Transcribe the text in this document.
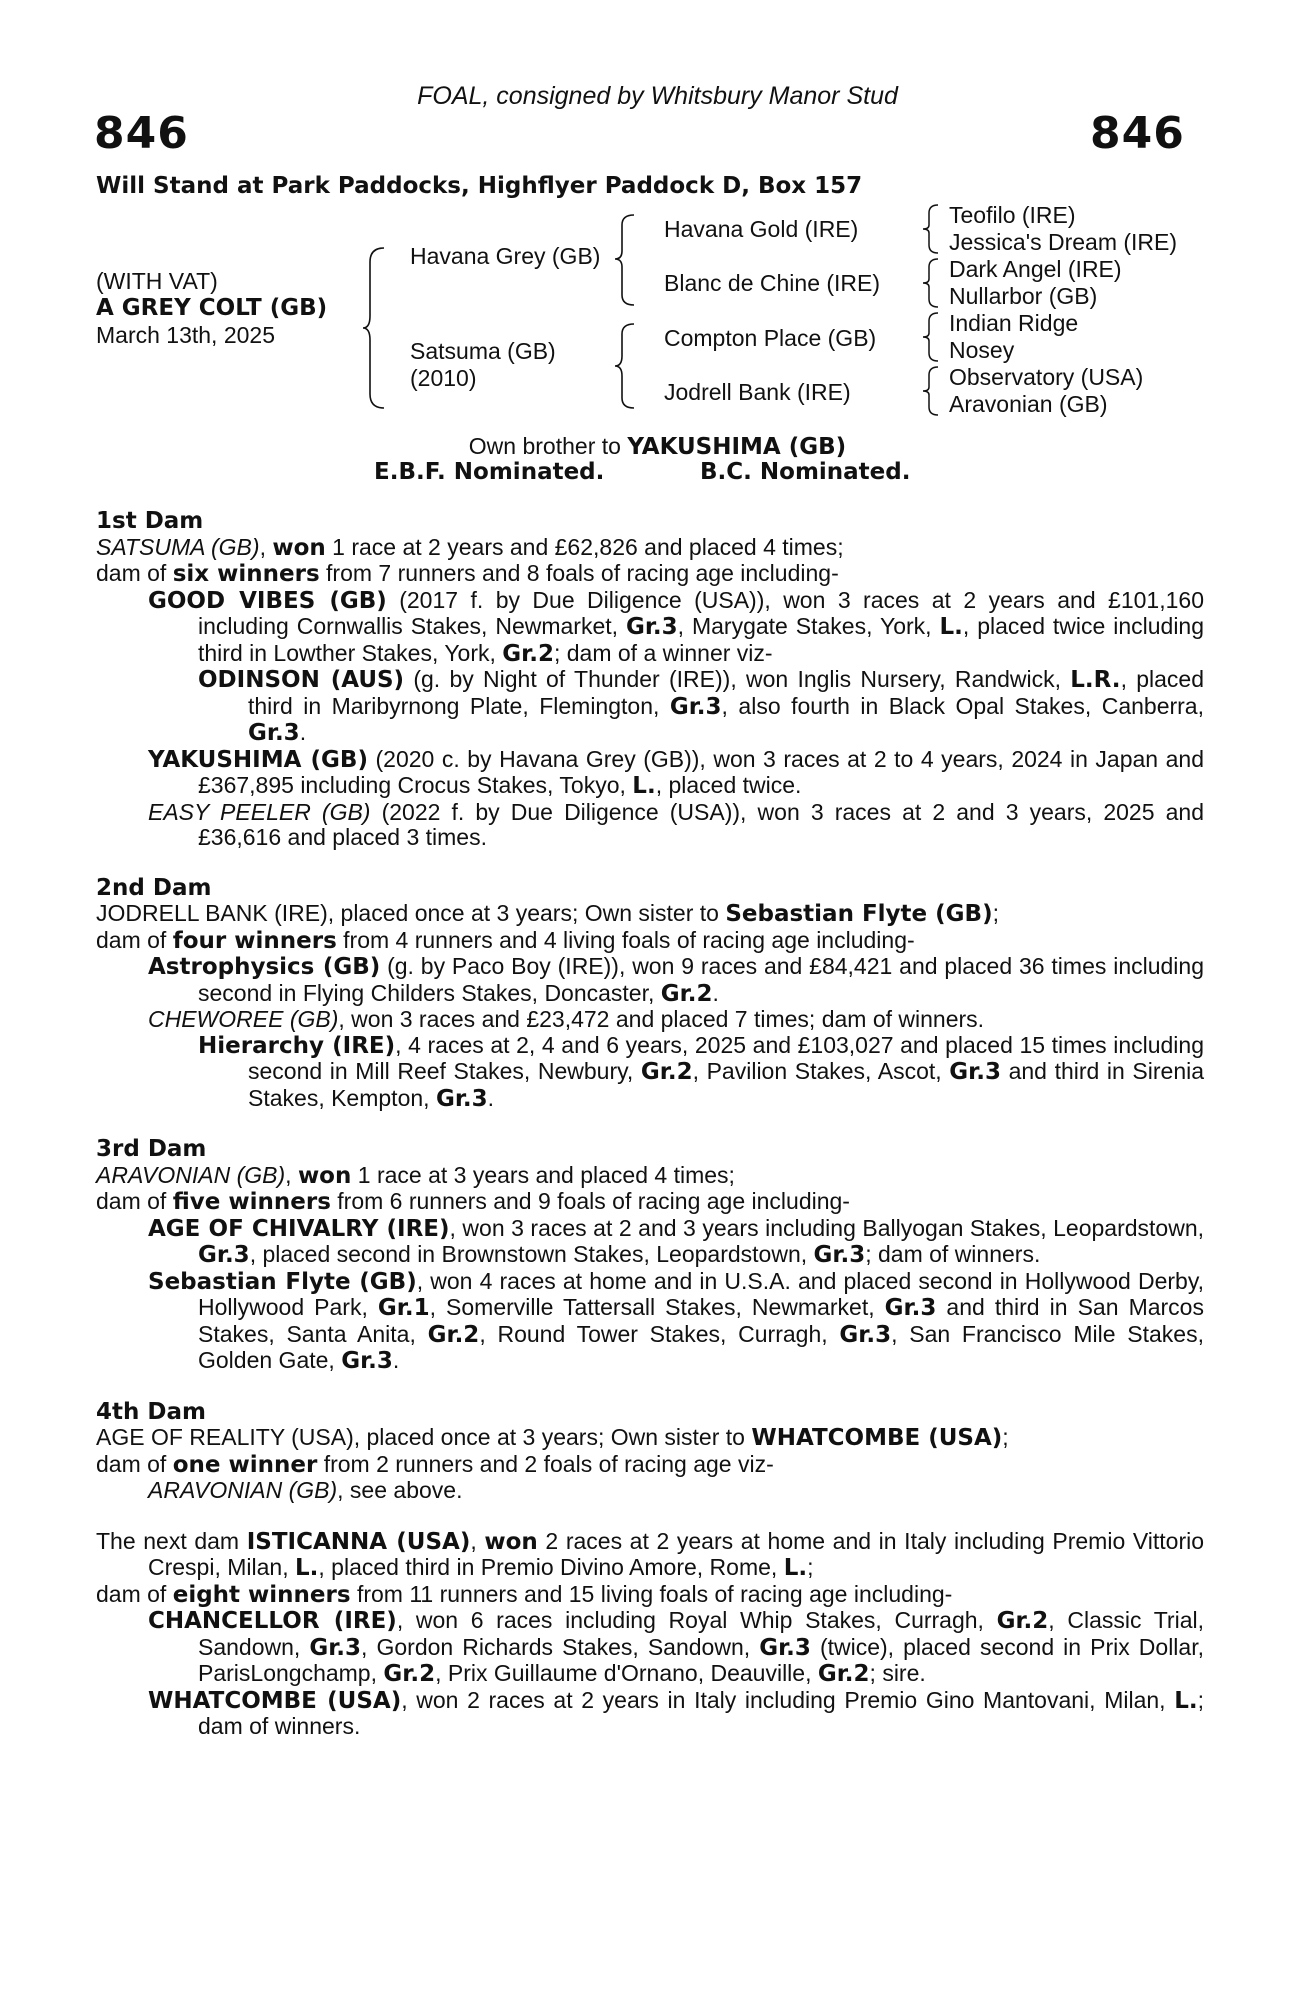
FOAL, consigned by Whitsbury Manor Stud
846	846
Will Stand at Park Paddocks, Highflyer Paddock D, Box 157
(WITH VAT)
A GREY COLT (GB)
March 13th, 2025
Havana Grey (GB)
Satsuma (GB)
(2010)
Havana Gold (IRE)
Blanc de Chine (IRE)
Compton Place (GB)
Jodrell Bank (IRE)
Teofilo (IRE)
Jessica's Dream (IRE)
Dark Angel (IRE)
Nullarbor (GB)
Indian Ridge
Nosey
Observatory (USA)
Aravonian (GB)
Own brother to YAKUSHIMA (GB)
E.B.F. Nominated.	B.C. Nominated.

1st Dam

SATSUMA (GB), won 1 race at 2 years and £62,826 and placed 4 times;

dam of six winners from 7 runners and 8 foals of racing age including-

GOOD VIBES (GB) (2017 f. by Due Diligence (USA)), won 3 races at 2 years and £101,160 including Cornwallis Stakes, Newmarket, Gr.3, Marygate Stakes, York, L., placed twice including third in Lowther Stakes, York, Gr.2; dam of a winner viz-

ODINSON (AUS) (g. by Night of Thunder (IRE)), won Inglis Nursery, Randwick, L.R., placed third in Maribyrnong Plate, Flemington, Gr.3, also fourth in Black Opal Stakes, Canberra, Gr.3.

YAKUSHIMA (GB) (2020 c. by Havana Grey (GB)), won 3 races at 2 to 4 years, 2024 in Japan and £367,895 including Crocus Stakes, Tokyo, L., placed twice.

EASY PEELER (GB) (2022 f. by Due Diligence (USA)), won 3 races at 2 and 3 years, 2025 and £36,616 and placed 3 times.

2nd Dam

JODRELL BANK (IRE), placed once at 3 years; Own sister to Sebastian Flyte (GB);

dam of four winners from 4 runners and 4 living foals of racing age including-

Astrophysics (GB) (g. by Paco Boy (IRE)), won 9 races and £84,421 and placed 36 times including second in Flying Childers Stakes, Doncaster, Gr.2.

CHEWOREE (GB), won 3 races and £23,472 and placed 7 times; dam of winners.

Hierarchy (IRE), 4 races at 2, 4 and 6 years, 2025 and £103,027 and placed 15 times including second in Mill Reef Stakes, Newbury, Gr.2, Pavilion Stakes, Ascot, Gr.3 and third in Sirenia Stakes, Kempton, Gr.3.

3rd Dam

ARAVONIAN (GB), won 1 race at 3 years and placed 4 times;

dam of five winners from 6 runners and 9 foals of racing age including-

AGE OF CHIVALRY (IRE), won 3 races at 2 and 3 years including Ballyogan Stakes, Leopardstown, Gr.3, placed second in Brownstown Stakes, Leopardstown, Gr.3; dam of winners.

Sebastian Flyte (GB), won 4 races at home and in U.S.A. and placed second in Hollywood Derby, Hollywood Park, Gr.1, Somerville Tattersall Stakes, Newmarket, Gr.3 and third in San Marcos Stakes, Santa Anita, Gr.2, Round Tower Stakes, Curragh, Gr.3, San Francisco Mile Stakes, Golden Gate, Gr.3.

4th Dam

AGE OF REALITY (USA), placed once at 3 years; Own sister to WHATCOMBE (USA);

dam of one winner from 2 runners and 2 foals of racing age viz-

ARAVONIAN (GB), see above.

The next dam ISTICANNA (USA), won 2 races at 2 years at home and in Italy including Premio Vittorio Crespi, Milan, L., placed third in Premio Divino Amore, Rome, L.;

dam of eight winners from 11 runners and 15 living foals of racing age including-

CHANCELLOR (IRE), won 6 races including Royal Whip Stakes, Curragh, Gr.2, Classic Trial, Sandown, Gr.3, Gordon Richards Stakes, Sandown, Gr.3 (twice), placed second in Prix Dollar, ParisLongchamp, Gr.2, Prix Guillaume d'Ornano, Deauville, Gr.2; sire.

WHATCOMBE (USA), won 2 races at 2 years in Italy including Premio Gino Mantovani, Milan, L.; dam of winners.
